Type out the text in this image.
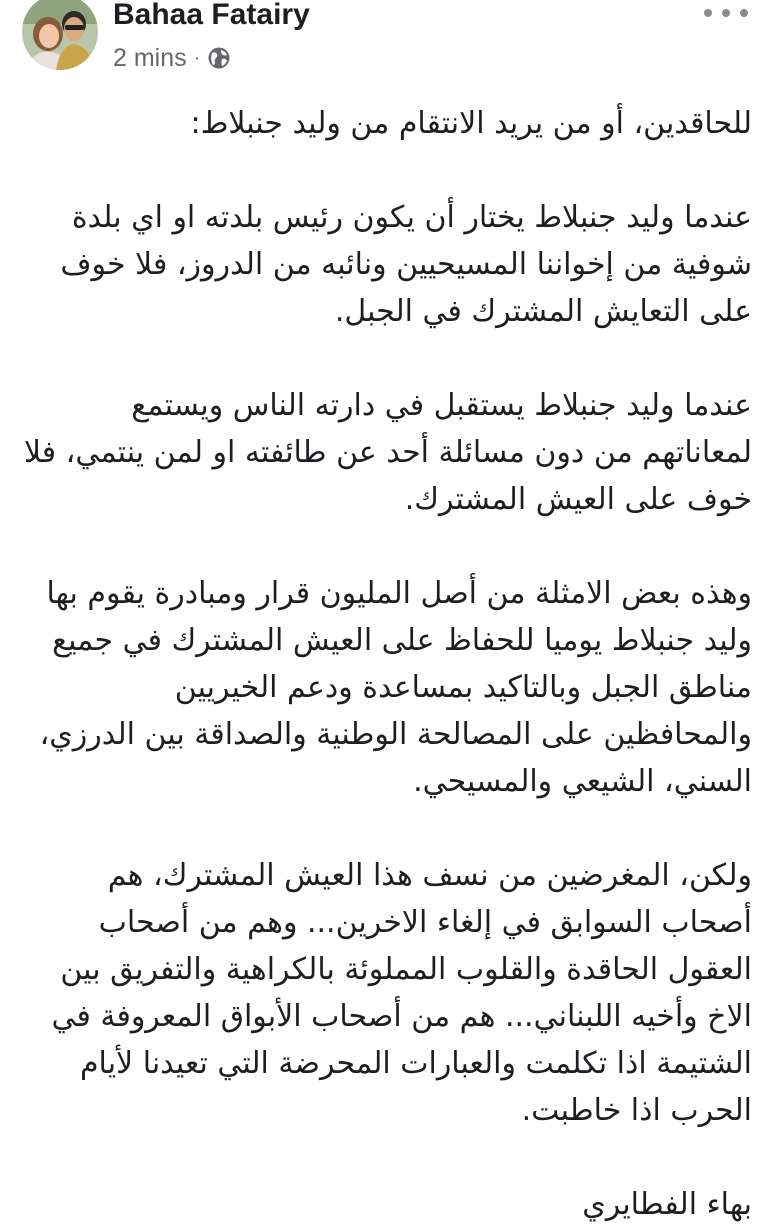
Bahaa Fatairy
2 mins ·

للحاقدين، أو من يريد الانتقام من وليد جنبلاط:

عندما وليد جنبلاط يختار أن يكون رئيس بلدته او اي بلدة شوفية من إخواننا المسيحيين ونائبه من الدروز، فلا خوف على التعايش المشترك في الجبل.

عندما وليد جنبلاط يستقبل في دارته الناس ويستمع لمعاناتهم من دون مسائلة أحد عن طائفته او لمن ينتمي، فلا خوف على العيش المشترك.

وهذه بعض الامثلة من أصل المليون قرار ومبادرة يقوم بها وليد جنبلاط يوميا للحفاظ على العيش المشترك في جميع مناطق الجبل وبالتاكيد بمساعدة ودعم الخيريين والمحافظين على المصالحة الوطنية والصداقة بين الدرزي، السني، الشيعي والمسيحي.

ولكن، المغرضين من نسف هذا العيش المشترك، هم أصحاب السوابق في إلغاء الاخرين... وهم من أصحاب العقول الحاقدة والقلوب المملوئة بالكراهية والتفريق بين الاخ وأخيه اللبناني... هم من أصحاب الأبواق المعروفة في الشتيمة اذا تكلمت والعبارات المحرضة التي تعيدنا لأيام الحرب اذا خاطبت.

بهاء الفطايري
